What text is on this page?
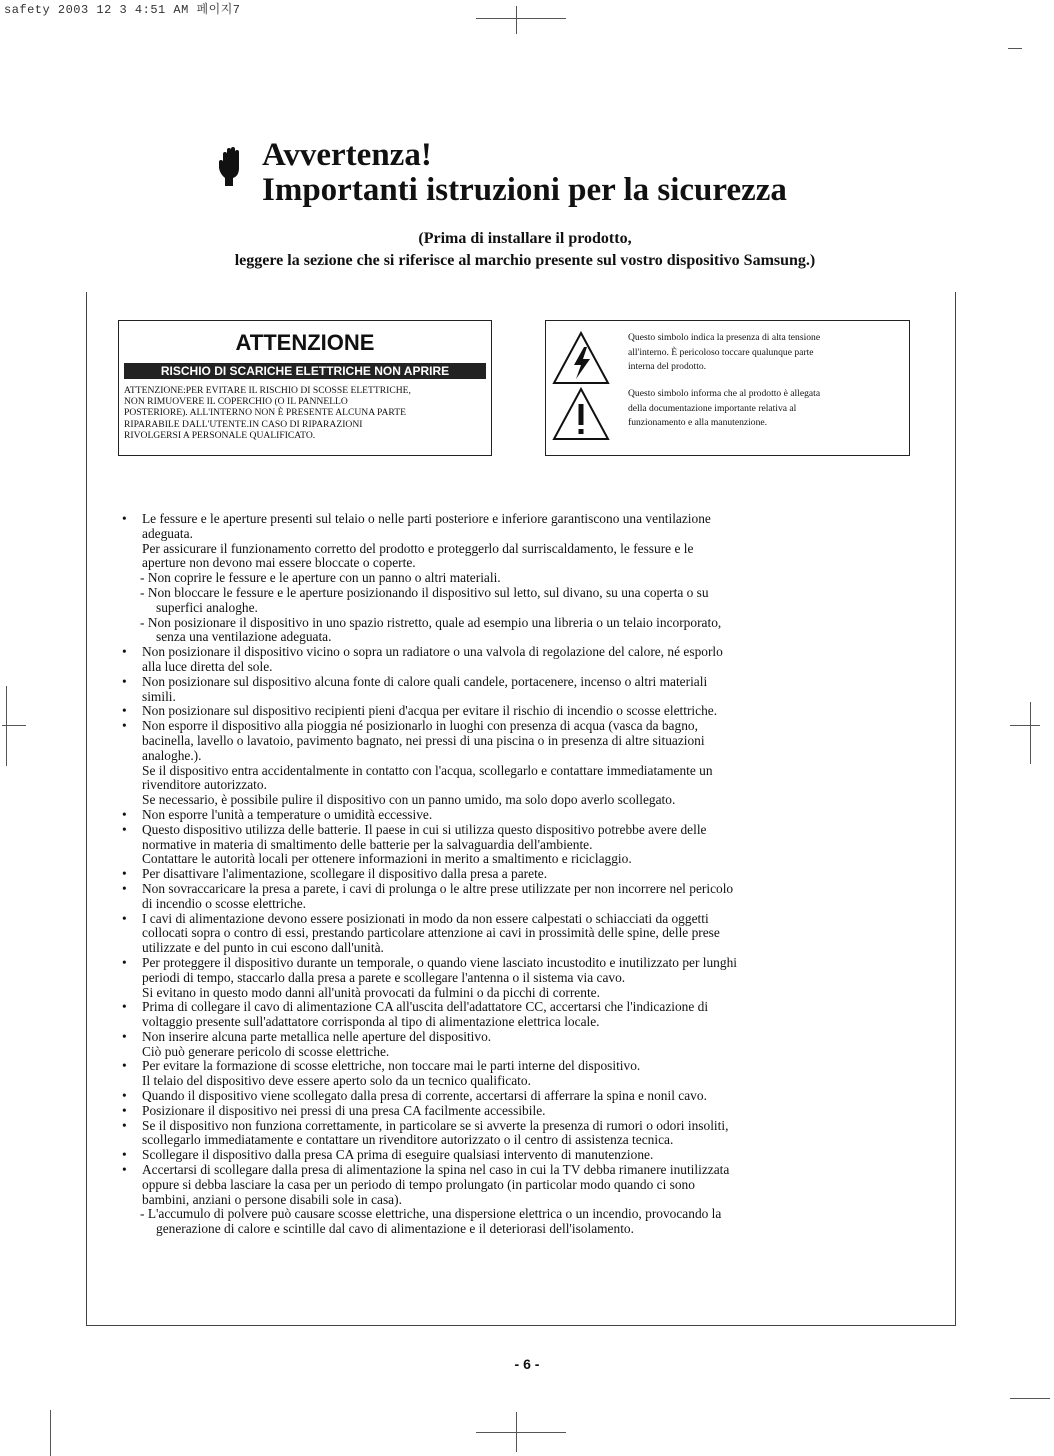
safety 2003 12 3 4:51 AM 페이지7
Avvertenza!
Importanti istruzioni per la sicurezza
(Prima di installare il prodotto,
leggere la sezione che si riferisce al marchio presente sul vostro dispositivo Samsung.)
ATTENZIONE
RISCHIO DI SCARICHE ELETTRICHE NON APRIRE
ATTENZIONE:PER EVITARE IL RISCHIO DI SCOSSE ELETTRICHE,
NON RIMUOVERE IL COPERCHIO (O IL PANNELLO
POSTERIORE). ALL'INTERNO NON È PRESENTE ALCUNA PARTE
RIPARABILE DALL'UTENTE.IN CASO DI RIPARAZIONI
RIVOLGERSI A PERSONALE QUALIFICATO.
Questo simbolo indica la presenza di alta tensione
all'interno. È pericoloso toccare qualunque parte
interna del prodotto.
Questo simbolo informa che al prodotto è allegata
della documentazione importante relativa al
funzionamento e alla manutenzione.
• Le fessure e le aperture presenti sul telaio o nelle parti posteriore e inferiore garantiscono una ventilazione
adeguata.
Per assicurare il funzionamento corretto del prodotto e proteggerlo dal surriscaldamento, le fessure e le
aperture non devono mai essere bloccate o coperte.
- Non coprire le fessure e le aperture con un panno o altri materiali.
- Non bloccare le fessure e le aperture posizionando il dispositivo sul letto, sul divano, su una coperta o su
superfici analoghe.
- Non posizionare il dispositivo in uno spazio ristretto, quale ad esempio una libreria o un telaio incorporato,
senza una ventilazione adeguata.
• Non posizionare il dispositivo vicino o sopra un radiatore o una valvola di regolazione del calore, né esporlo
alla luce diretta del sole.
• Non posizionare sul dispositivo alcuna fonte di calore quali candele, portacenere, incenso o altri materiali
simili.
• Non posizionare sul dispositivo recipienti pieni d'acqua per evitare il rischio di incendio o scosse elettriche.
• Non esporre il dispositivo alla pioggia né posizionarlo in luoghi con presenza di acqua (vasca da bagno,
bacinella, lavello o lavatoio, pavimento bagnato, nei pressi di una piscina o in presenza di altre situazioni
analoghe.).
Se il dispositivo entra accidentalmente in contatto con l'acqua, scollegarlo e contattare immediatamente un
rivenditore autorizzato.
Se necessario, è possibile pulire il dispositivo con un panno umido, ma solo dopo averlo scollegato.
• Non esporre l'unità a temperature o umidità eccessive.
• Questo dispositivo utilizza delle batterie. Il paese in cui si utilizza questo dispositivo potrebbe avere delle
normative in materia di smaltimento delle batterie per la salvaguardia dell'ambiente.
Contattare le autorità locali per ottenere informazioni in merito a smaltimento e riciclaggio.
• Per disattivare l'alimentazione, scollegare il dispositivo dalla presa a parete.
• Non sovraccaricare la presa a parete, i cavi di prolunga o le altre prese utilizzate per non incorrere nel pericolo
di incendio o scosse elettriche.
• I cavi di alimentazione devono essere posizionati in modo da non essere calpestati o schiacciati da oggetti
collocati sopra o contro di essi, prestando particolare attenzione ai cavi in prossimità delle spine, delle prese
utilizzate e del punto in cui escono dall'unità.
• Per proteggere il dispositivo durante un temporale, o quando viene lasciato incustodito e inutilizzato per lunghi
periodi di tempo, staccarlo dalla presa a parete e scollegare l'antenna o il sistema via cavo.
Si evitano in questo modo danni all'unità provocati da fulmini o da picchi di corrente.
• Prima di collegare il cavo di alimentazione CA all'uscita dell'adattatore CC, accertarsi che l'indicazione di
voltaggio presente sull'adattatore corrisponda al tipo di alimentazione elettrica locale.
• Non inserire alcuna parte metallica nelle aperture del dispositivo.
Ciò può generare pericolo di scosse elettriche.
• Per evitare la formazione di scosse elettriche, non toccare mai le parti interne del dispositivo.
Il telaio del dispositivo deve essere aperto solo da un tecnico qualificato.
• Quando il dispositivo viene scollegato dalla presa di corrente, accertarsi di afferrare la spina e nonil cavo.
• Posizionare il dispositivo nei pressi di una presa CA facilmente accessibile.
• Se il dispositivo non funziona correttamente, in particolare se si avverte la presenza di rumori o odori insoliti,
scollegarlo immediatamente e contattare un rivenditore autorizzato o il centro di assistenza tecnica.
• Scollegare il dispositivo dalla presa CA prima di eseguire qualsiasi intervento di manutenzione.
• Accertarsi di scollegare dalla presa di alimentazione la spina nel caso in cui la TV debba rimanere inutilizzata
oppure si debba lasciare la casa per un periodo di tempo prolungato (in particolar modo quando ci sono
bambini, anziani o persone disabili sole in casa).
- L'accumulo di polvere può causare scosse elettriche, una dispersione elettrica o un incendio, provocando la
generazione di calore e scintille dal cavo di alimentazione e il deteriorasi dell'isolamento.
- 6 -
